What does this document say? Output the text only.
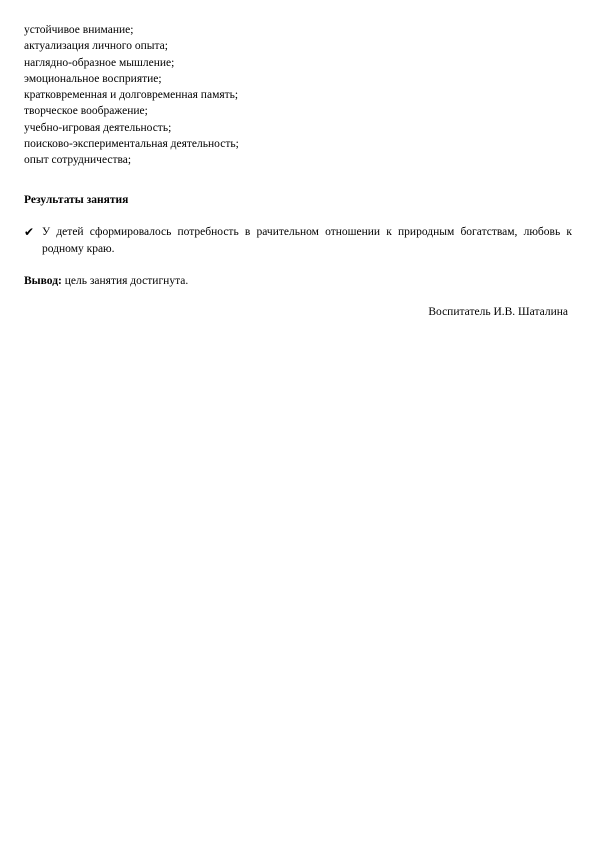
устойчивое внимание;
актуализация личного опыта;
наглядно-образное мышление;
эмоциональное восприятие;
кратковременная и долговременная память;
творческое воображение;
учебно-игровая деятельность;
поисково-экспериментальная деятельность;
опыт сотрудничества;
Результаты занятия
✔ У детей сформировалось потребность в рачительном отношении к природным богатствам, любовь к родному краю.
Вывод: цель занятия достигнута.
Воспитатель И.В. Шаталина
